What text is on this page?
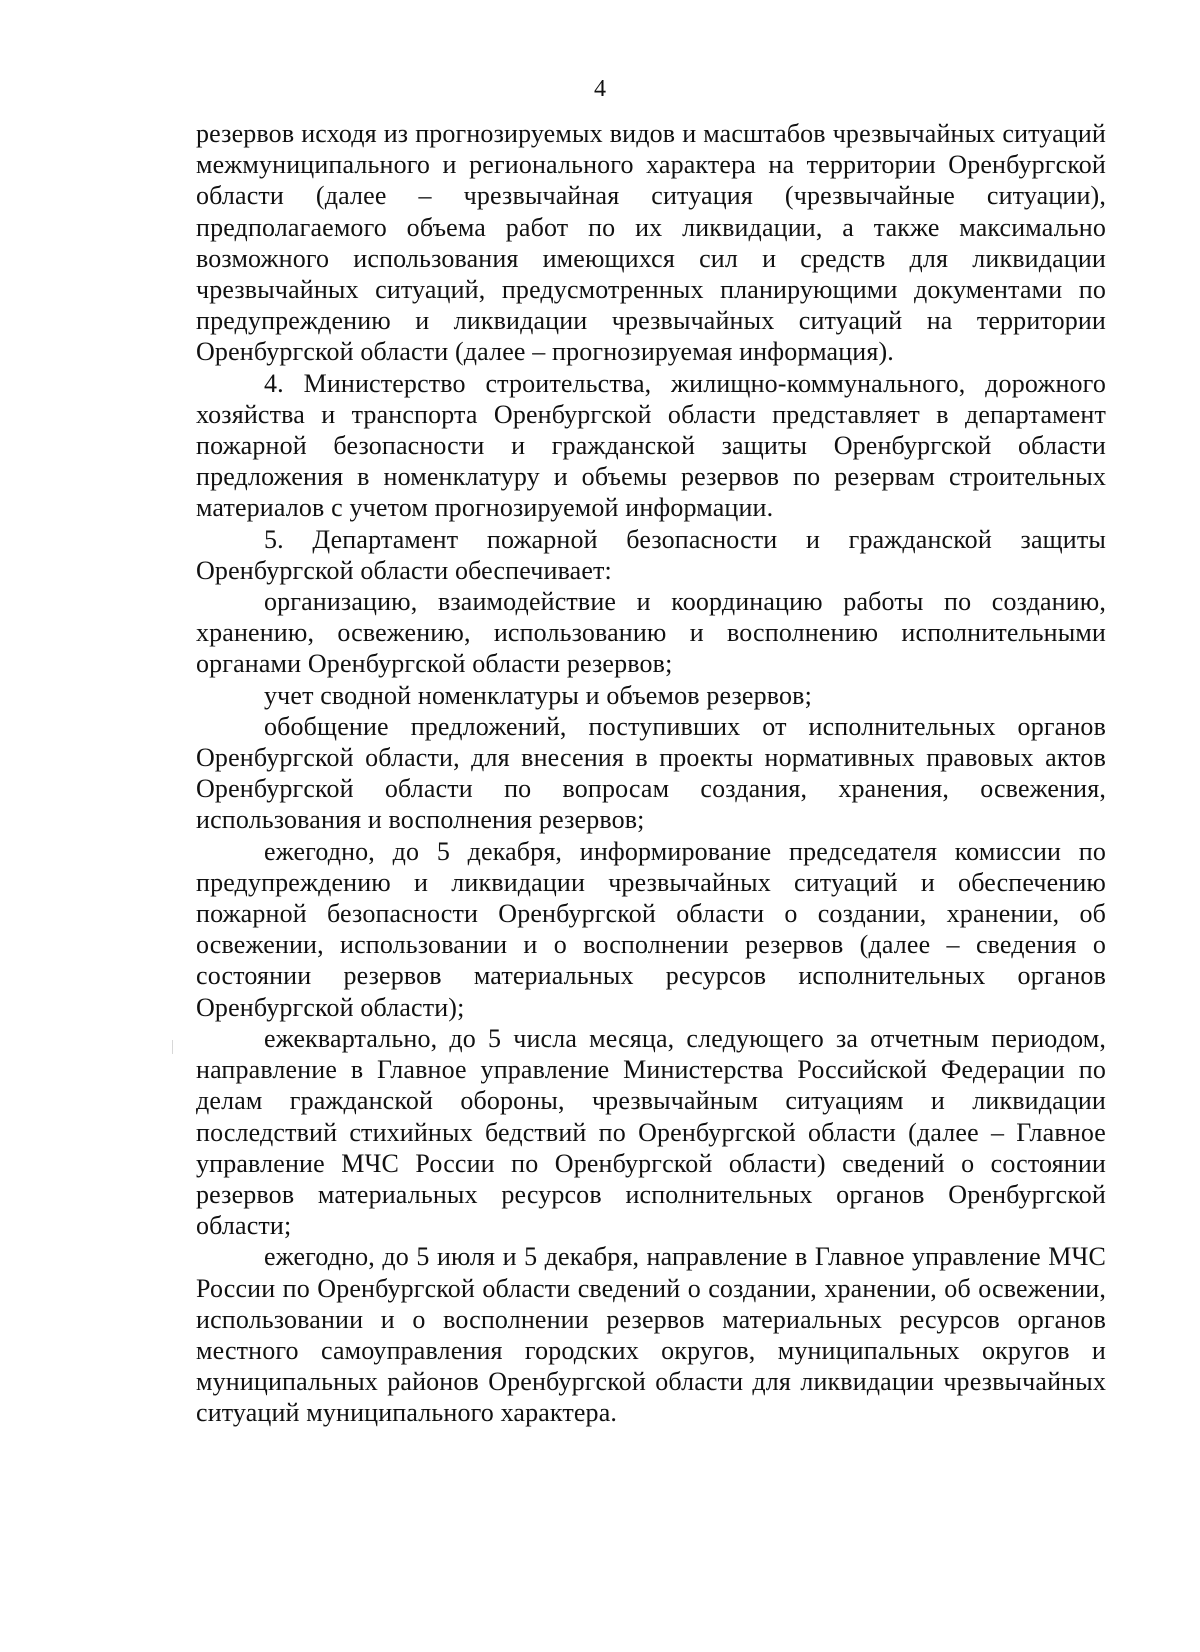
4

резервов исходя из прогнозируемых видов и масштабов чрезвычайных ситуаций межмуниципального и регионального характера на территории Оренбургской области (далее – чрезвычайная ситуация (чрезвычайные ситуации), предполагаемого объема работ по их ликвидации, а также максимально возможного использования имеющихся сил и средств для ликвидации чрезвычайных ситуаций, предусмотренных планирующими документами по предупреждению и ликвидации чрезвычайных ситуаций на территории Оренбургской области (далее – прогнозируемая информация).

4. Министерство строительства, жилищно-коммунального, дорожного хозяйства и транспорта Оренбургской области представляет в департамент пожарной безопасности и гражданской защиты Оренбургской области предложения в номенклатуру и объемы резервов по резервам строительных материалов с учетом прогнозируемой информации.

5. Департамент пожарной безопасности и гражданской защиты Оренбургской области обеспечивает:

организацию, взаимодействие и координацию работы по созданию, хранению, освежению, использованию и восполнению исполнительными органами Оренбургской области резервов;

учет сводной номенклатуры и объемов резервов;

обобщение предложений, поступивших от исполнительных органов Оренбургской области, для внесения в проекты нормативных правовых актов Оренбургской области по вопросам создания, хранения, освежения, использования и восполнения резервов;

ежегодно, до 5 декабря, информирование председателя комиссии по предупреждению и ликвидации чрезвычайных ситуаций и обеспечению пожарной безопасности Оренбургской области о создании, хранении, об освежении, использовании и о восполнении резервов (далее – сведения о состоянии резервов материальных ресурсов исполнительных органов Оренбургской области);

ежеквартально, до 5 числа месяца, следующего за отчетным периодом, направление в Главное управление Министерства Российской Федерации по делам гражданской обороны, чрезвычайным ситуациям и ликвидации последствий стихийных бедствий по Оренбургской области (далее – Главное управление МЧС России по Оренбургской области) сведений о состоянии резервов материальных ресурсов исполнительных органов Оренбургской области;

ежегодно, до 5 июля и 5 декабря, направление в Главное управление МЧС России по Оренбургской области сведений о создании, хранении, об освежении, использовании и о восполнении резервов материальных ресурсов органов местного самоуправления городских округов, муниципальных округов и муниципальных районов Оренбургской области для ликвидации чрезвычайных ситуаций муниципального характера.
